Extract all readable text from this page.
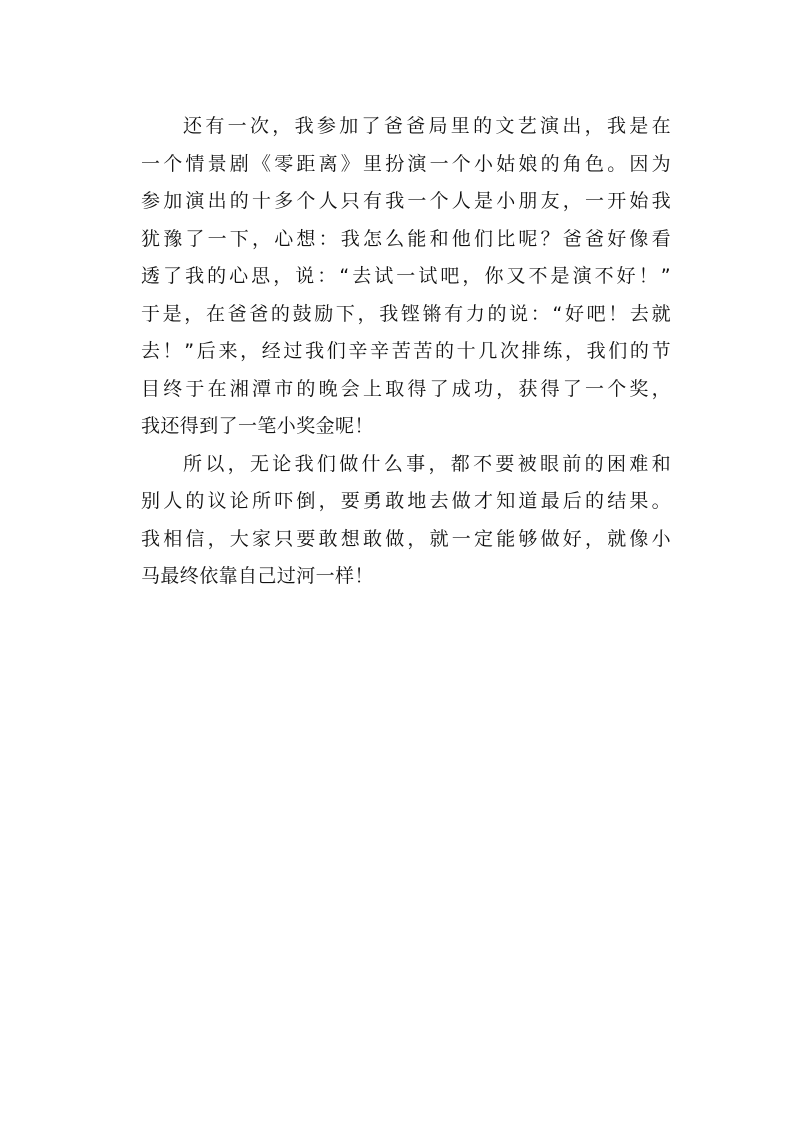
还有一次，我参加了爸爸局里的文艺演出，我是在
一个情景剧《零距离》里扮演一个小姑娘的角色。因为
参加演出的十多个人只有我一个人是小朋友，一开始我
犹豫了一下，心想：我怎么能和他们比呢？爸爸好像看
透了我的心思，说：“去试一试吧，你又不是演不好！”
于是，在爸爸的鼓励下，我铿锵有力的说：“好吧！去就
去！”后来，经过我们辛辛苦苦的十几次排练，我们的节
目终于在湘潭市的晚会上取得了成功，获得了一个奖，
我还得到了一笔小奖金呢！
所以，无论我们做什么事，都不要被眼前的困难和
别人的议论所吓倒，要勇敢地去做才知道最后的结果。
我相信，大家只要敢想敢做，就一定能够做好，就像小
马最终依靠自己过河一样！
